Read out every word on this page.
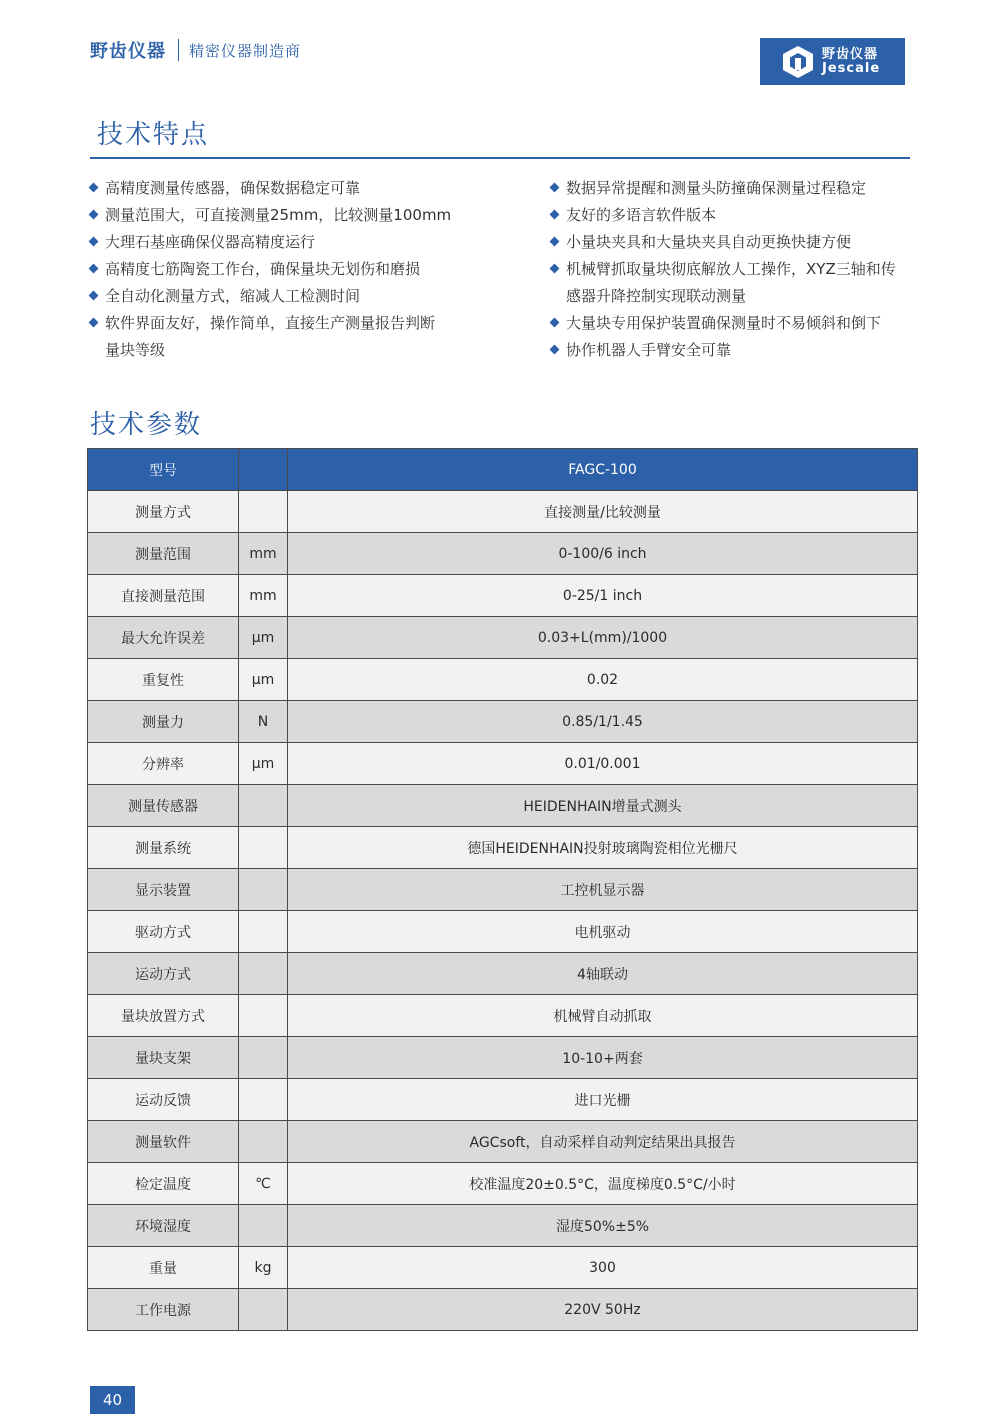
野齿仪器 精密仪器制造商	野齿仪器
Jescale
技术特点
高精度测量传感器，确保数据稳定可靠
测量范围大，可直接测量25mm，比较测量100mm
大理石基座确保仪器高精度运行
高精度七筋陶瓷工作台，确保量块无划伤和磨损
全自动化测量方式，缩减人工检测时间
软件界面友好，操作简单，直接生产测量报告判断
量块等级
数据异常提醒和测量头防撞确保测量过程稳定
友好的多语言软件版本
小量块夹具和大量块夹具自动更换快捷方便
机械臂抓取量块彻底解放人工操作，XYZ三轴和传
感器升降控制实现联动测量
大量块专用保护装置确保测量时不易倾斜和倒下
协作机器人手臂安全可靠
技术参数
型号		FAGC-100
测量方式		直接测量/比较测量
测量范围	mm	0-100/6 inch
直接测量范围	mm	0-25/1 inch
最大允许误差	μm	0.03+L(mm)/1000
重复性	μm	0.02
测量力	N	0.85/1/1.45
分辨率	μm	0.01/0.001
测量传感器		HEIDENHAIN增量式测头
测量系统		德国HEIDENHAIN投射玻璃陶瓷相位光栅尺
显示装置		工控机显示器
驱动方式		电机驱动
运动方式		4轴联动
量块放置方式		机械臂自动抓取
量块支架		10-10+两套
运动反馈		进口光栅
测量软件		AGCsoft，自动采样自动判定结果出具报告
检定温度	℃	校准温度20±0.5°C，温度梯度0.5°C/小时
环境湿度		湿度50%±5%
重量	kg	300
工作电源		220V 50Hz
40
